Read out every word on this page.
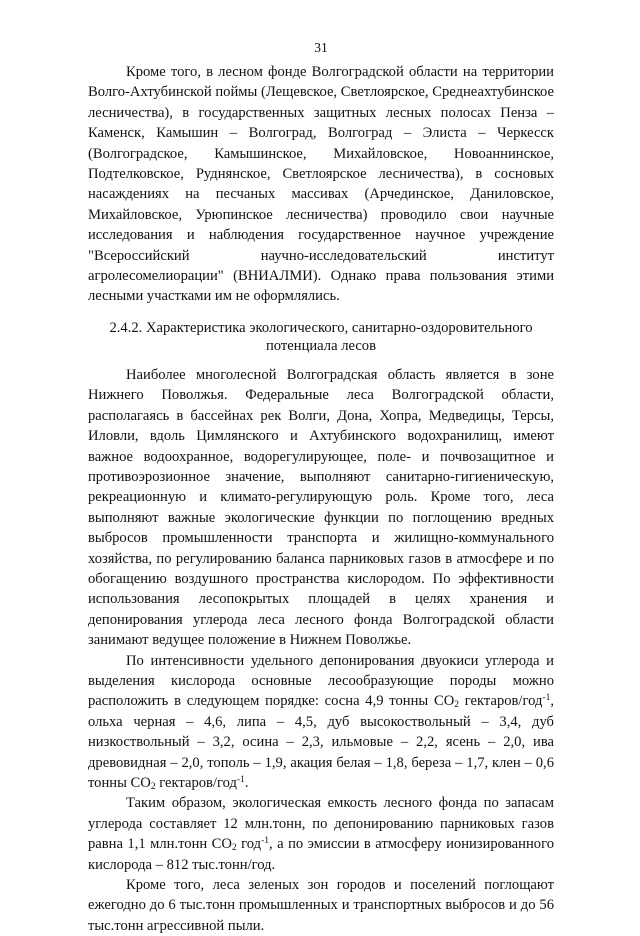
31

Кроме того, в лесном фонде Волгоградской области на территории Волго-Ахтубинской поймы (Лещевское, Светлоярское, Среднеахтубинское лесничества), в государственных защитных лесных полосах Пенза – Каменск, Камышин – Волгоград, Волгоград – Элиста – Черкесск (Волгоградское, Камышинское, Михайловское, Новоаннинское, Подтелковское, Руднянское, Светлоярское лесничества), в сосновых насаждениях на песчаных массивах (Арчединское, Даниловское, Михайловское, Урюпинское лесничества) проводило свои научные исследования и наблюдения государственное научное учреждение "Всероссийский научно-исследовательский институт агролесомелиорации" (ВНИАЛМИ). Однако права пользования этими лесными участками им не оформлялись.

2.4.2. Характеристика экологического, санитарно-оздоровительного
потенциала лесов

Наиболее многолесной Волгоградская область является в зоне Нижнего Поволжья. Федеральные леса Волгоградской области, располагаясь в бассейнах рек Волги, Дона, Хопра, Медведицы, Терсы, Иловли, вдоль Цимлянского и Ахтубинского водохранилищ, имеют важное водоохранное, водорегулирующее, поле- и почвозащитное и противоэрозионное значение, выполняют санитарно-гигиеническую, рекреационную и климато-регулирующую роль. Кроме того, леса выполняют важные экологические функции по поглощению вредных выбросов промышленности транспорта и жилищно-коммунального хозяйства, по регулированию баланса парниковых газов в атмосфере и по обогащению воздушного пространства кислородом. По эффективности использования лесопокрытых площадей в целях хранения и депонирования углерода леса лесного фонда Волгоградской области занимают ведущее положение в Нижнем Поволжье.

По интенсивности удельного депонирования двуокиси углерода и выделения кислорода основные лесообразующие породы можно расположить в следующем порядке: сосна 4,9 тонны $СО_2$ гектаров/год$^{-1}$, ольха черная – 4,6, липа – 4,5, дуб высокоствольный – 3,4, дуб низкоствольный – 3,2, осина – 2,3, ильмовые – 2,2, ясень – 2,0, ива древовидная – 2,0, тополь – 1,9, акация белая – 1,8, береза – 1,7, клен – 0,6 тонны $СО_2$ гектаров/год$^{-1}$.

Таким образом, экологическая емкость лесного фонда по запасам углерода составляет 12 млн.тонн, по депонированию парниковых газов равна 1,1 млн.тонн $СО_2$ год$^{-1}$, а по эмиссии в атмосферу ионизированного кислорода – 812 тыс.тонн/год.

Кроме того, леса зеленых зон городов и поселений поглощают ежегодно до 6 тыс.тонн промышленных и транспортных выбросов и до 56 тыс.тонн агрессивной пыли.
